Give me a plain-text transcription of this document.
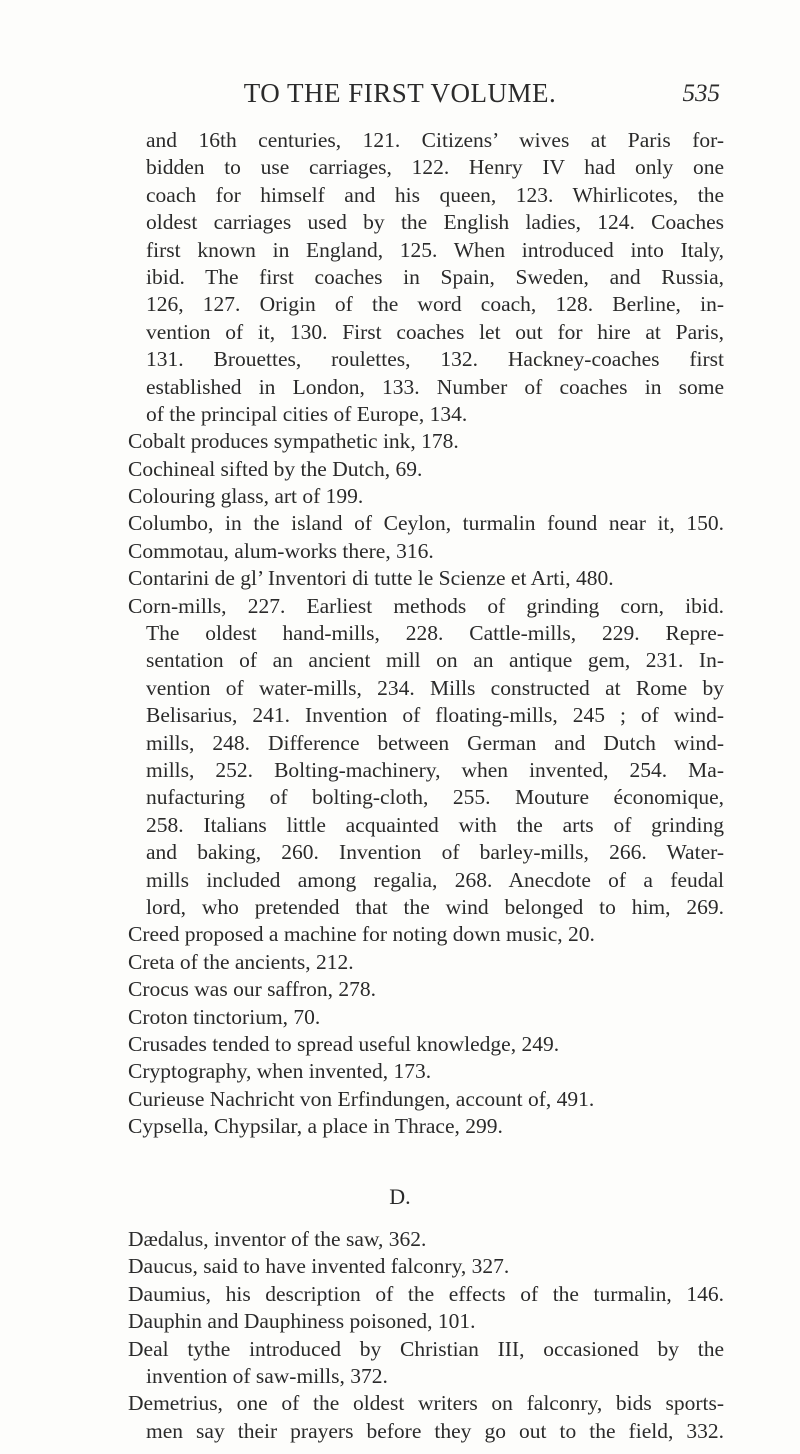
TO THE FIRST VOLUME.	535
and 16th centuries, 121. Citizens’ wives at Paris for-
bidden to use carriages, 122. Henry IV had only one
coach for himself and his queen, 123. Whirlicotes, the
oldest carriages used by the English ladies, 124. Coaches
first known in England, 125. When introduced into Italy,
ibid. The first coaches in Spain, Sweden, and Russia,
126, 127. Origin of the word coach, 128. Berline, in-
vention of it, 130. First coaches let out for hire at Paris,
131. Brouettes, roulettes, 132. Hackney-coaches first
established in London, 133. Number of coaches in some
of the principal cities of Europe, 134.
Cobalt produces sympathetic ink, 178.
Cochineal sifted by the Dutch, 69.
Colouring glass, art of 199.
Columbo, in the island of Ceylon, turmalin found near it, 150.
Commotau, alum-works there, 316.
Contarini de gl’ Inventori di tutte le Scienze et Arti, 480.
Corn-mills, 227. Earliest methods of grinding corn, ibid.
The oldest hand-mills, 228. Cattle-mills, 229. Repre-
sentation of an ancient mill on an antique gem, 231. In-
vention of water-mills, 234. Mills constructed at Rome by
Belisarius, 241. Invention of floating-mills, 245 ; of wind-
mills, 248. Difference between German and Dutch wind-
mills, 252. Bolting-machinery, when invented, 254. Ma-
nufacturing of bolting-cloth, 255. Mouture économique,
258. Italians little acquainted with the arts of grinding
and baking, 260. Invention of barley-mills, 266. Water-
mills included among regalia, 268. Anecdote of a feudal
lord, who pretended that the wind belonged to him, 269.
Creed proposed a machine for noting down music, 20.
Creta of the ancients, 212.
Crocus was our saffron, 278.
Croton tinctorium, 70.
Crusades tended to spread useful knowledge, 249.
Cryptography, when invented, 173.
Curieuse Nachricht von Erfindungen, account of, 491.
Cypsella, Chypsilar, a place in Thrace, 299.
D.
Dædalus, inventor of the saw, 362.
Daucus, said to have invented falconry, 327.
Daumius, his description of the effects of the turmalin, 146.
Dauphin and Dauphiness poisoned, 101.
Deal tythe introduced by Christian III, occasioned by the
invention of saw-mills, 372.
Demetrius, one of the oldest writers on falconry, bids sports-
men say their prayers before they go out to the field, 332.
